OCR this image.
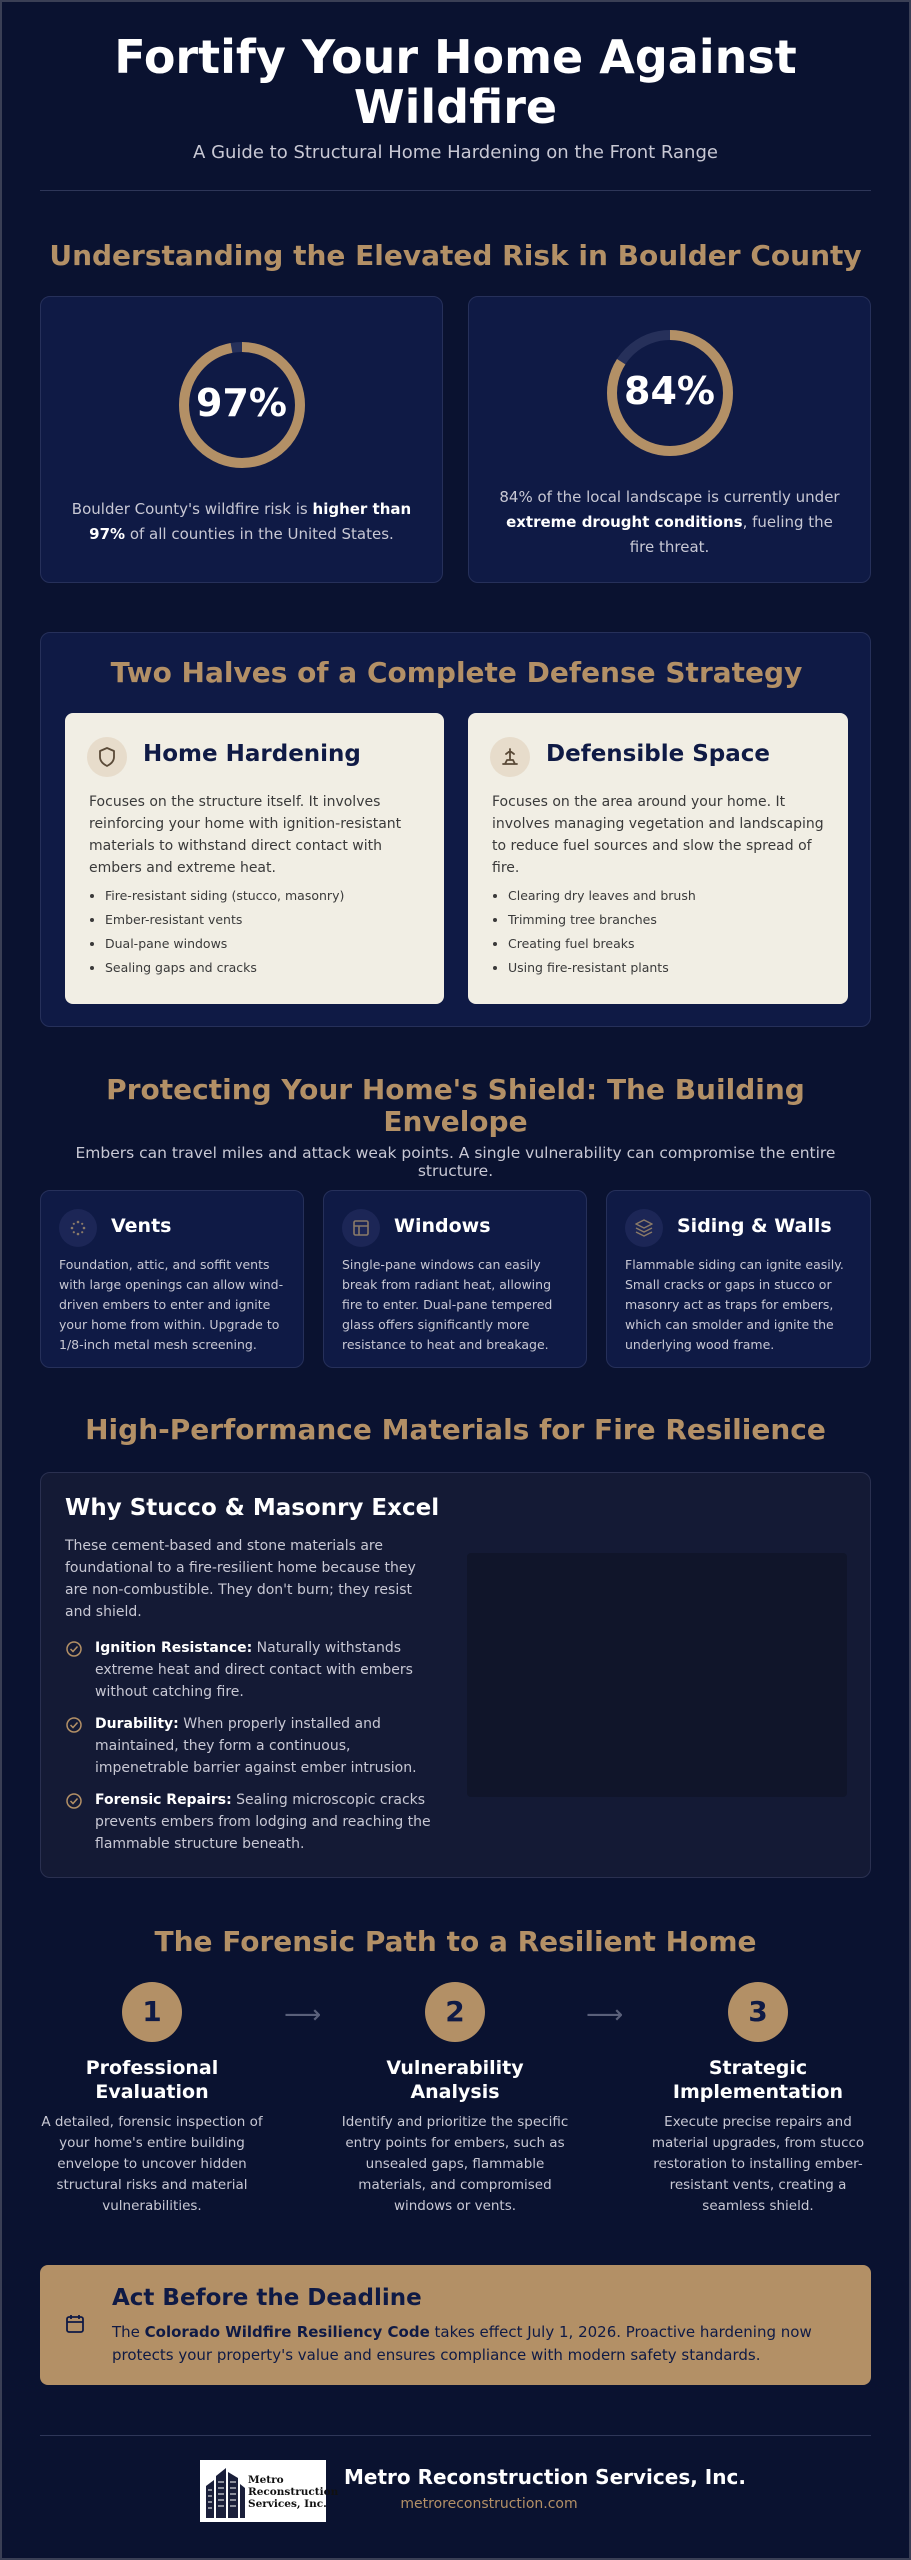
Fortify Your Home Against Wildfire
A Guide to Structural Home Hardening on the Front Range
Understanding the Elevated Risk in Boulder County
97%
Boulder County's wildfire risk is higher than 97% of all counties in the United States.
84%
84% of the local landscape is currently under extreme drought conditions, fueling the fire threat.
Two Halves of a Complete Defense Strategy
Home Hardening
Focuses on the structure itself. It involves reinforcing your home with ignition-resistant materials to withstand direct contact with embers and extreme heat.
• Fire-resistant siding (stucco, masonry)
• Ember-resistant vents
• Dual-pane windows
• Sealing gaps and cracks
Defensible Space
Focuses on the area around your home. It involves managing vegetation and landscaping to reduce fuel sources and slow the spread of fire.
• Clearing dry leaves and brush
• Trimming tree branches
• Creating fuel breaks
• Using fire-resistant plants
Protecting Your Home's Shield: The Building Envelope
Embers can travel miles and attack weak points. A single vulnerability can compromise the entire structure.
Vents

Foundation, attic, and soffit vents with large openings can allow wind-driven embers to enter and ignite your home from within. Upgrade to 1/8-inch metal mesh screening.

Windows

Single-pane windows can easily break from radiant heat, allowing fire to enter. Dual-pane tempered glass offers significantly more resistance to heat and breakage.

Siding & Walls

Flammable siding can ignite easily. Small cracks or gaps in stucco or masonry act as traps for embers, which can smolder and ignite the underlying wood frame.

High-Performance Materials for Fire Resilience
Why Stucco & Masonry Excel
These cement-based and stone materials are foundational to a fire-resilient home because they are non-combustible. They don't burn; they resist and shield.
Ignition Resistance: Naturally withstands extreme heat and direct contact with embers without catching fire.
Durability: When properly installed and maintained, they form a continuous, impenetrable barrier against ember intrusion.
Forensic Repairs: Sealing microscopic cracks prevents embers from lodging and reaching the flammable structure beneath.
The Forensic Path to a Resilient Home
1
Professional Evaluation

A detailed, forensic inspection of your home's entire building envelope to uncover hidden structural risks and material vulnerabilities.

⟶	2
Vulnerability Analysis

Identify and prioritize the specific entry points for embers, such as unsealed gaps, flammable materials, and compromised windows or vents.

⟶	3
Strategic Implementation

Execute precise repairs and material upgrades, from stucco restoration to installing ember-resistant vents, creating a seamless shield.

Act Before the Deadline

The Colorado Wildfire Resiliency Code takes effect July 1, 2026. Proactive hardening now protects your property's value and ensures compliance with modern safety standards.

Metro
Reconstruction
Services, Inc.
Metro Reconstruction Services, Inc.
metroreconstruction.com
